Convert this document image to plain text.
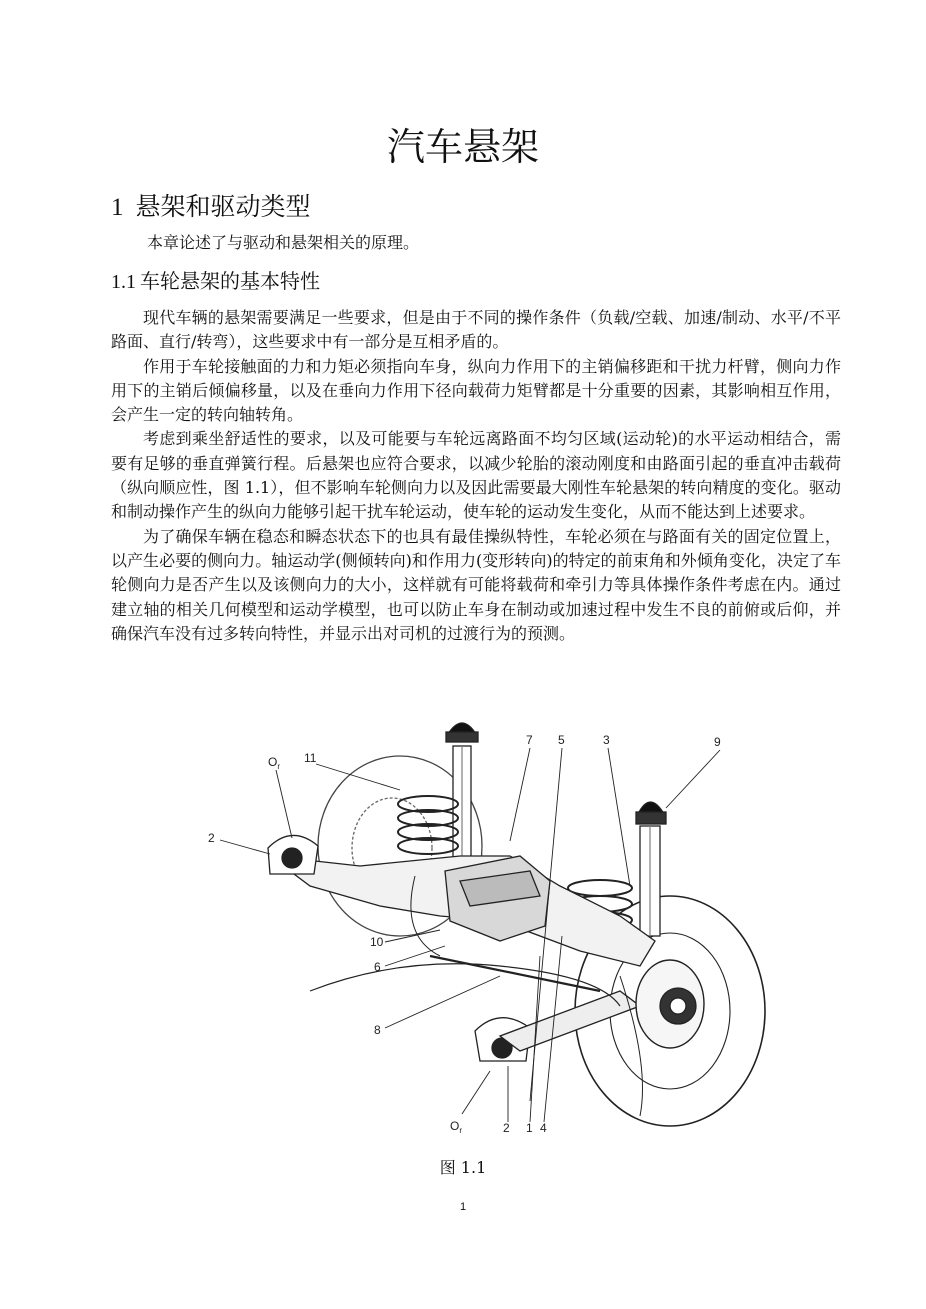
汽车悬架
1 悬架和驱动类型
本章论述了与驱动和悬架相关的原理。
1.1 车轮悬架的基本特性

现代车辆的悬架需要满足一些要求，但是由于不同的操作条件（负载/空载、加速/制动、水平/不平路面、直行/转弯），这些要求中有一部分是互相矛盾的。

作用于车轮接触面的力和力矩必须指向车身，纵向力作用下的主销偏移距和干扰力杆臂，侧向力作用下的主销后倾偏移量，以及在垂向力作用下径向载荷力矩臂都是十分重要的因素，其影响相互作用，会产生一定的转向轴转角。

考虑到乘坐舒适性的要求，以及可能要与车轮远离路面不均匀区域(运动轮)的水平运动相结合，需要有足够的垂直弹簧行程。后悬架也应符合要求，以减少轮胎的滚动刚度和由路面引起的垂直冲击载荷（纵向顺应性，图 1.1），但不影响车轮侧向力以及因此需要最大刚性车轮悬架的转向精度的变化。驱动和制动操作产生的纵向力能够引起干扰车轮运动，使车轮的运动发生变化，从而不能达到上述要求。

为了确保车辆在稳态和瞬态状态下的也具有最佳操纵特性，车轮必须在与路面有关的固定位置上，以产生必要的侧向力。轴运动学(侧倾转向)和作用力(变形转向)的特定的前束角和外倾角变化，决定了车轮侧向力是否产生以及该侧向力的大小，这样就有可能将载荷和牵引力等具体操作条件考虑在内。通过建立轴的相关几何模型和运动学模型，也可以防止车身在制动或加速过程中发生不良的前俯或后仰，并确保汽车没有过多转向特性，并显示出对司机的过渡行为的预测。

$O_r$
11
7 5	3	9
2
10
6
8
$O_r$	2 1 4
图 1.1
1
